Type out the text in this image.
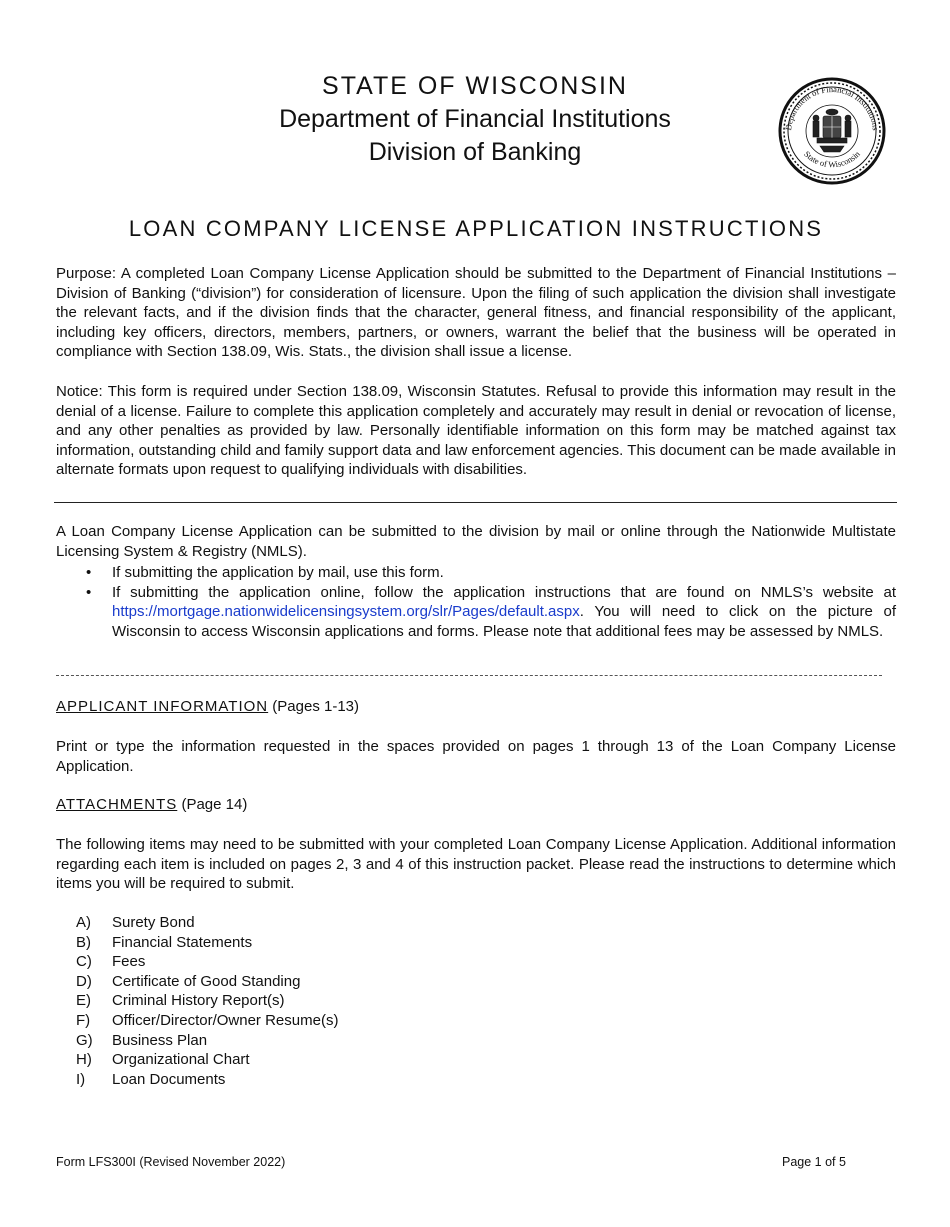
STATE OF WISCONSIN
Department of Financial Institutions
Division of Banking
Department of Financial Institutions
State of Wisconsin
LOAN COMPANY LICENSE APPLICATION INSTRUCTIONS

Purpose: A completed Loan Company License Application should be submitted to the Department of Financial Institutions – Division of Banking (“division”) for consideration of licensure. Upon the filing of such application the division shall investigate the relevant facts, and if the division finds that the character, general fitness, and financial responsibility of the applicant, including key officers, directors, members, partners, or owners, warrant the belief that the business will be operated in compliance with Section 138.09, Wis. Stats., the division shall issue a license.

Notice: This form is required under Section 138.09, Wisconsin Statutes. Refusal to provide this information may result in the denial of a license. Failure to complete this application completely and accurately may result in denial or revocation of license, and any other penalties as provided by law. Personally identifiable information on this form may be matched against tax information, outstanding child and family support data and law enforcement agencies. This document can be made available in alternate formats upon request to qualifying individuals with disabilities.

A Loan Company License Application can be submitted to the division by mail or online through the Nationwide Multistate Licensing System & Registry (NMLS).

• If submitting the application by mail, use this form.
• If submitting the application online, follow the application instructions that are found on NMLS’s website at https://mortgage.nationwidelicensingsystem.org/slr/Pages/default.aspx. You will need to click on the picture of Wisconsin to access Wisconsin applications and forms. Please note that additional fees may be assessed by NMLS.
APPLICANT INFORMATION (Pages 1-13)

Print or type the information requested in the spaces provided on pages 1 through 13 of the Loan Company License Application.

ATTACHMENTS (Page 14)

The following items may need to be submitted with your completed Loan Company License Application. Additional information regarding each item is included on pages 2, 3 and 4 of this instruction packet. Please read the instructions to determine which items you will be required to submit.

A) Surety Bond
B) Financial Statements
C) Fees
D) Certificate of Good Standing
E) Criminal History Report(s)
F) Officer/Director/Owner Resume(s)
G) Business Plan
H) Organizational Chart
I) Loan Documents
Form LFS300I (Revised November 2022)	Page 1 of 5
